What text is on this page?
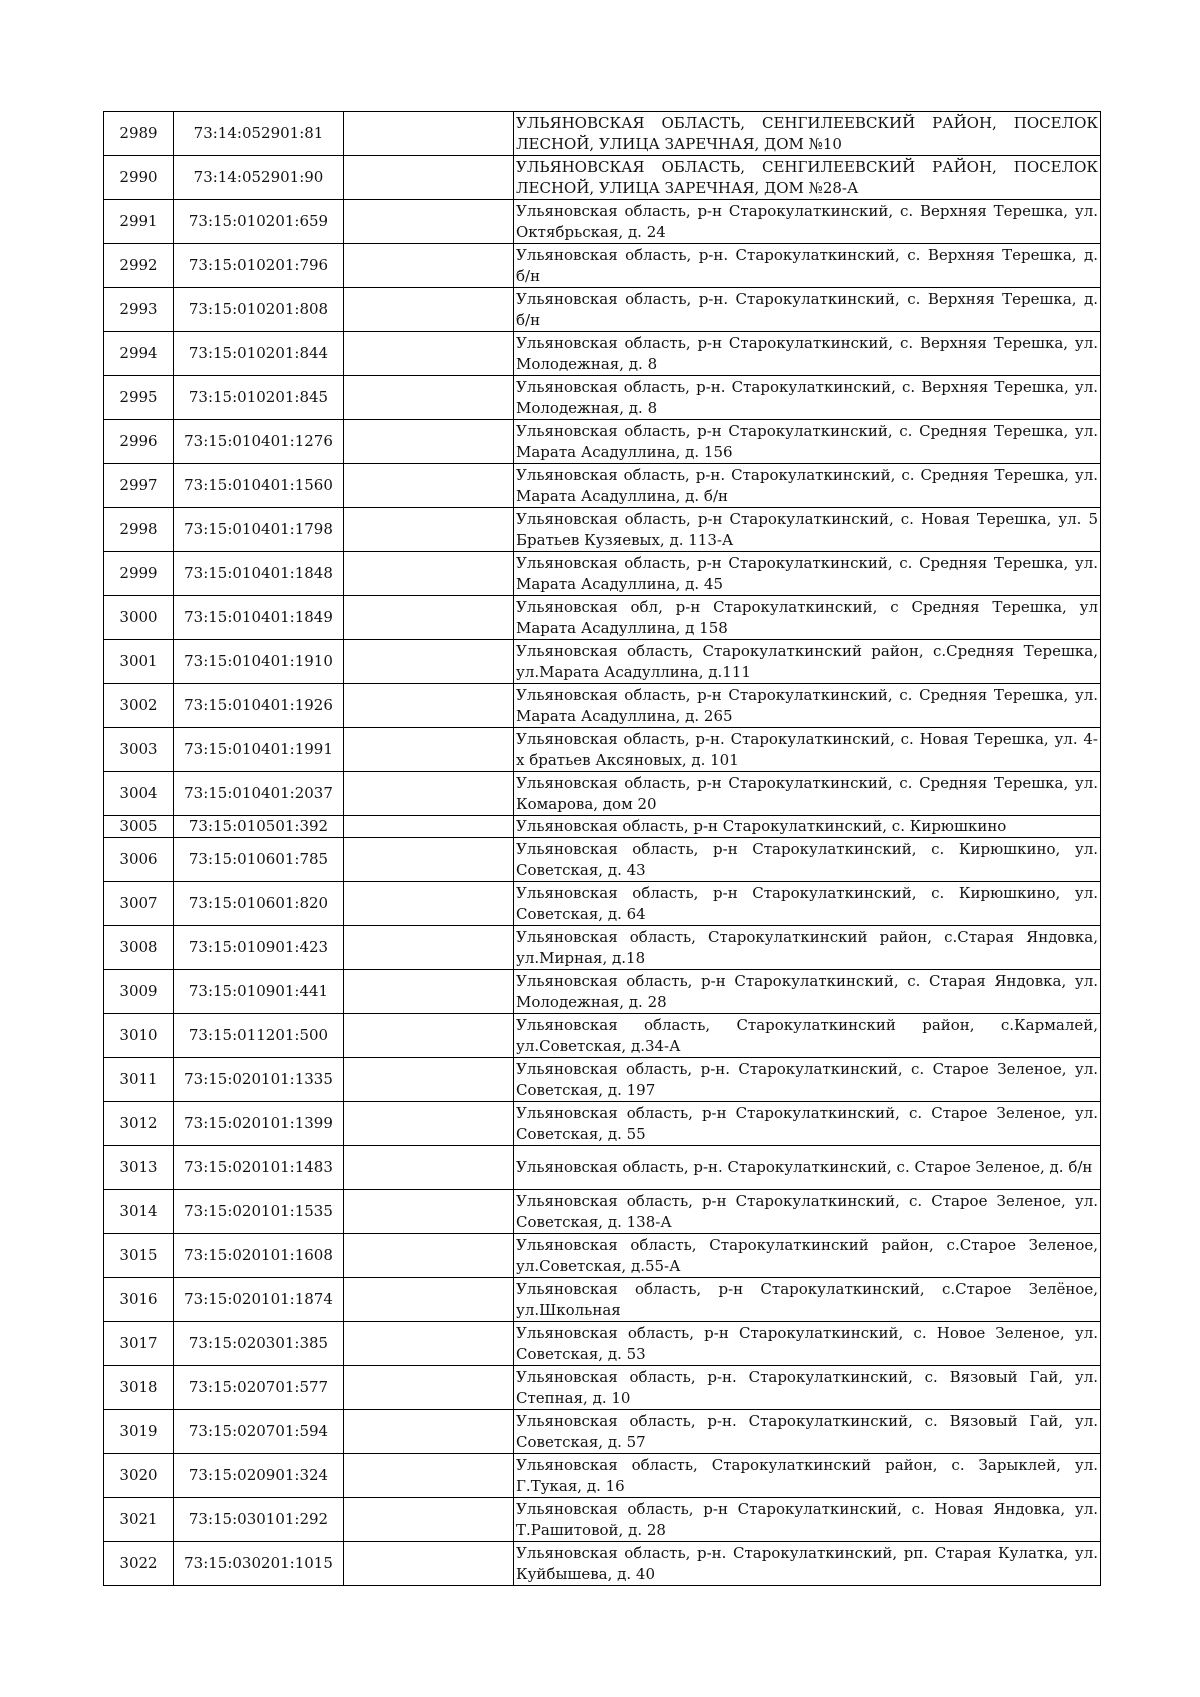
2989	73:14:052901:81		УЛЬЯНОВСКАЯ ОБЛАСТЬ, СЕНГИЛЕЕВСКИЙ РАЙОН, ПОСЕЛОК ЛЕСНОЙ, УЛИЦА ЗАРЕЧНАЯ, ДОМ №10
2990	73:14:052901:90		УЛЬЯНОВСКАЯ ОБЛАСТЬ, СЕНГИЛЕЕВСКИЙ РАЙОН, ПОСЕЛОК ЛЕСНОЙ, УЛИЦА ЗАРЕЧНАЯ, ДОМ №28-А
2991	73:15:010201:659		Ульяновская область, р-н Старокулаткинский, с. Верхняя Терешка, ул. Октябрьская, д. 24
2992	73:15:010201:796		Ульяновская область, р-н. Старокулаткинский, с. Верхняя Терешка, д. б/н
2993	73:15:010201:808		Ульяновская область, р-н. Старокулаткинский, с. Верхняя Терешка, д. б/н
2994	73:15:010201:844		Ульяновская область, р-н Старокулаткинский, с. Верхняя Терешка, ул. Молодежная, д. 8
2995	73:15:010201:845		Ульяновская область, р-н. Старокулаткинский, с. Верхняя Терешка, ул. Молодежная, д. 8
2996	73:15:010401:1276		Ульяновская область, р-н Старокулаткинский, с. Средняя Терешка, ул. Марата Асадуллина, д. 156
2997	73:15:010401:1560		Ульяновская область, р-н. Старокулаткинский, с. Средняя Терешка, ул. Марата Асадуллина, д. б/н
2998	73:15:010401:1798		Ульяновская область, р-н Старокулаткинский, с. Новая Терешка, ул. 5 Братьев Кузяевых, д. 113-А
2999	73:15:010401:1848		Ульяновская область, р-н Старокулаткинский, с. Средняя Терешка, ул. Марата Асадуллина, д. 45
3000	73:15:010401:1849		Ульяновская обл, р-н Старокулаткинский, с Средняя Терешка, ул Марата Асадуллина, д 158
3001	73:15:010401:1910		Ульяновская область, Старокулаткинский район, с.Средняя Терешка, ул.Марата Асадуллина, д.111
3002	73:15:010401:1926		Ульяновская область, р-н Старокулаткинский, с. Средняя Терешка, ул. Марата Асадуллина, д. 265
3003	73:15:010401:1991		Ульяновская область, р-н. Старокулаткинский, с. Новая Терешка, ул. 4-х братьев Аксяновых, д. 101
3004	73:15:010401:2037		Ульяновская область, р-н Старокулаткинский, с. Средняя Терешка, ул. Комарова, дом 20
3005	73:15:010501:392		Ульяновская область, р-н Старокулаткинский, с. Кирюшкино
3006	73:15:010601:785		Ульяновская область, р-н Старокулаткинский, с. Кирюшкино, ул. Советская, д. 43
3007	73:15:010601:820		Ульяновская область, р-н Старокулаткинский, с. Кирюшкино, ул. Советская, д. 64
3008	73:15:010901:423		Ульяновская область, Старокулаткинский район, с.Старая Яндовка, ул.Мирная, д.18
3009	73:15:010901:441		Ульяновская область, р-н Старокулаткинский, с. Старая Яндовка, ул. Молодежная, д. 28
3010	73:15:011201:500		Ульяновская область, Старокулаткинский район, с.Кармалей, ул.Советская, д.34-А
3011	73:15:020101:1335		Ульяновская область, р-н. Старокулаткинский, с. Старое Зеленое, ул. Советская, д. 197
3012	73:15:020101:1399		Ульяновская область, р-н Старокулаткинский, с. Старое Зеленое, ул. Советская, д. 55
3013	73:15:020101:1483		Ульяновская область, р-н. Старокулаткинский, с. Старое Зеленое, д. б/н
3014	73:15:020101:1535		Ульяновская область, р-н Старокулаткинский, с. Старое Зеленое, ул. Советская, д. 138-А
3015	73:15:020101:1608		Ульяновская область, Старокулаткинский район, с.Старое Зеленое, ул.Советская, д.55-А
3016	73:15:020101:1874		Ульяновская область, р-н Старокулаткинский, с.Старое Зелёное, ул.Школьная
3017	73:15:020301:385		Ульяновская область, р-н Старокулаткинский, с. Новое Зеленое, ул. Советская, д. 53
3018	73:15:020701:577		Ульяновская область, р-н. Старокулаткинский, с. Вязовый Гай, ул. Степная, д. 10
3019	73:15:020701:594		Ульяновская область, р-н. Старокулаткинский, с. Вязовый Гай, ул. Советская, д. 57
3020	73:15:020901:324		Ульяновская область, Старокулаткинский район, с. Зарыклей, ул. Г.Тукая, д. 16
3021	73:15:030101:292		Ульяновская область, р-н Старокулаткинский, с. Новая Яндовка, ул. Т.Рашитовой, д. 28
3022	73:15:030201:1015		Ульяновская область, р-н. Старокулаткинский, рп. Старая Кулатка, ул. Куйбышева, д. 40
